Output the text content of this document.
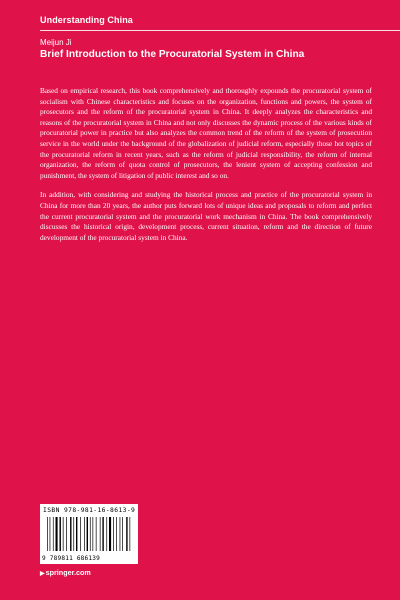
Understanding China
Meijun Ji
Brief Introduction to the Procuratorial System in China

Based on empirical research, this book comprehensively and thoroughly expounds the procuratorial system of socialism with Chinese characteristics and focuses on the organization, functions and powers, the system of prosecutors and the reform of the procuratorial system in China. It deeply analyzes the characteristics and reasons of the procuratorial system in China and not only discusses the dynamic process of the various kinds of procuratorial power in practice but also analyzes the common trend of the reform of the system of prosecution service in the world under the background of the globalization of judicial reform, especially those hot topics of the procuratorial reform in recent years, such as the reform of judicial responsibility, the reform of internal organization, the reform of quota control of prosecutors, the lenient system of accepting confession and punishment, the system of litigation of public interest and so on.

In addition, with considering and studying the historical process and practice of the procuratorial system in China for more than 20 years, the author puts forward lots of unique ideas and proposals to reform and perfect the current procuratorial system and the procuratorial work mechanism in China. The book comprehensively discusses the historical origin, development process, current situation, reform and the direction of future development of the procuratorial system in China.

ISBN 978-981-16-8613-9
9 789811 686139
▶springer.com
